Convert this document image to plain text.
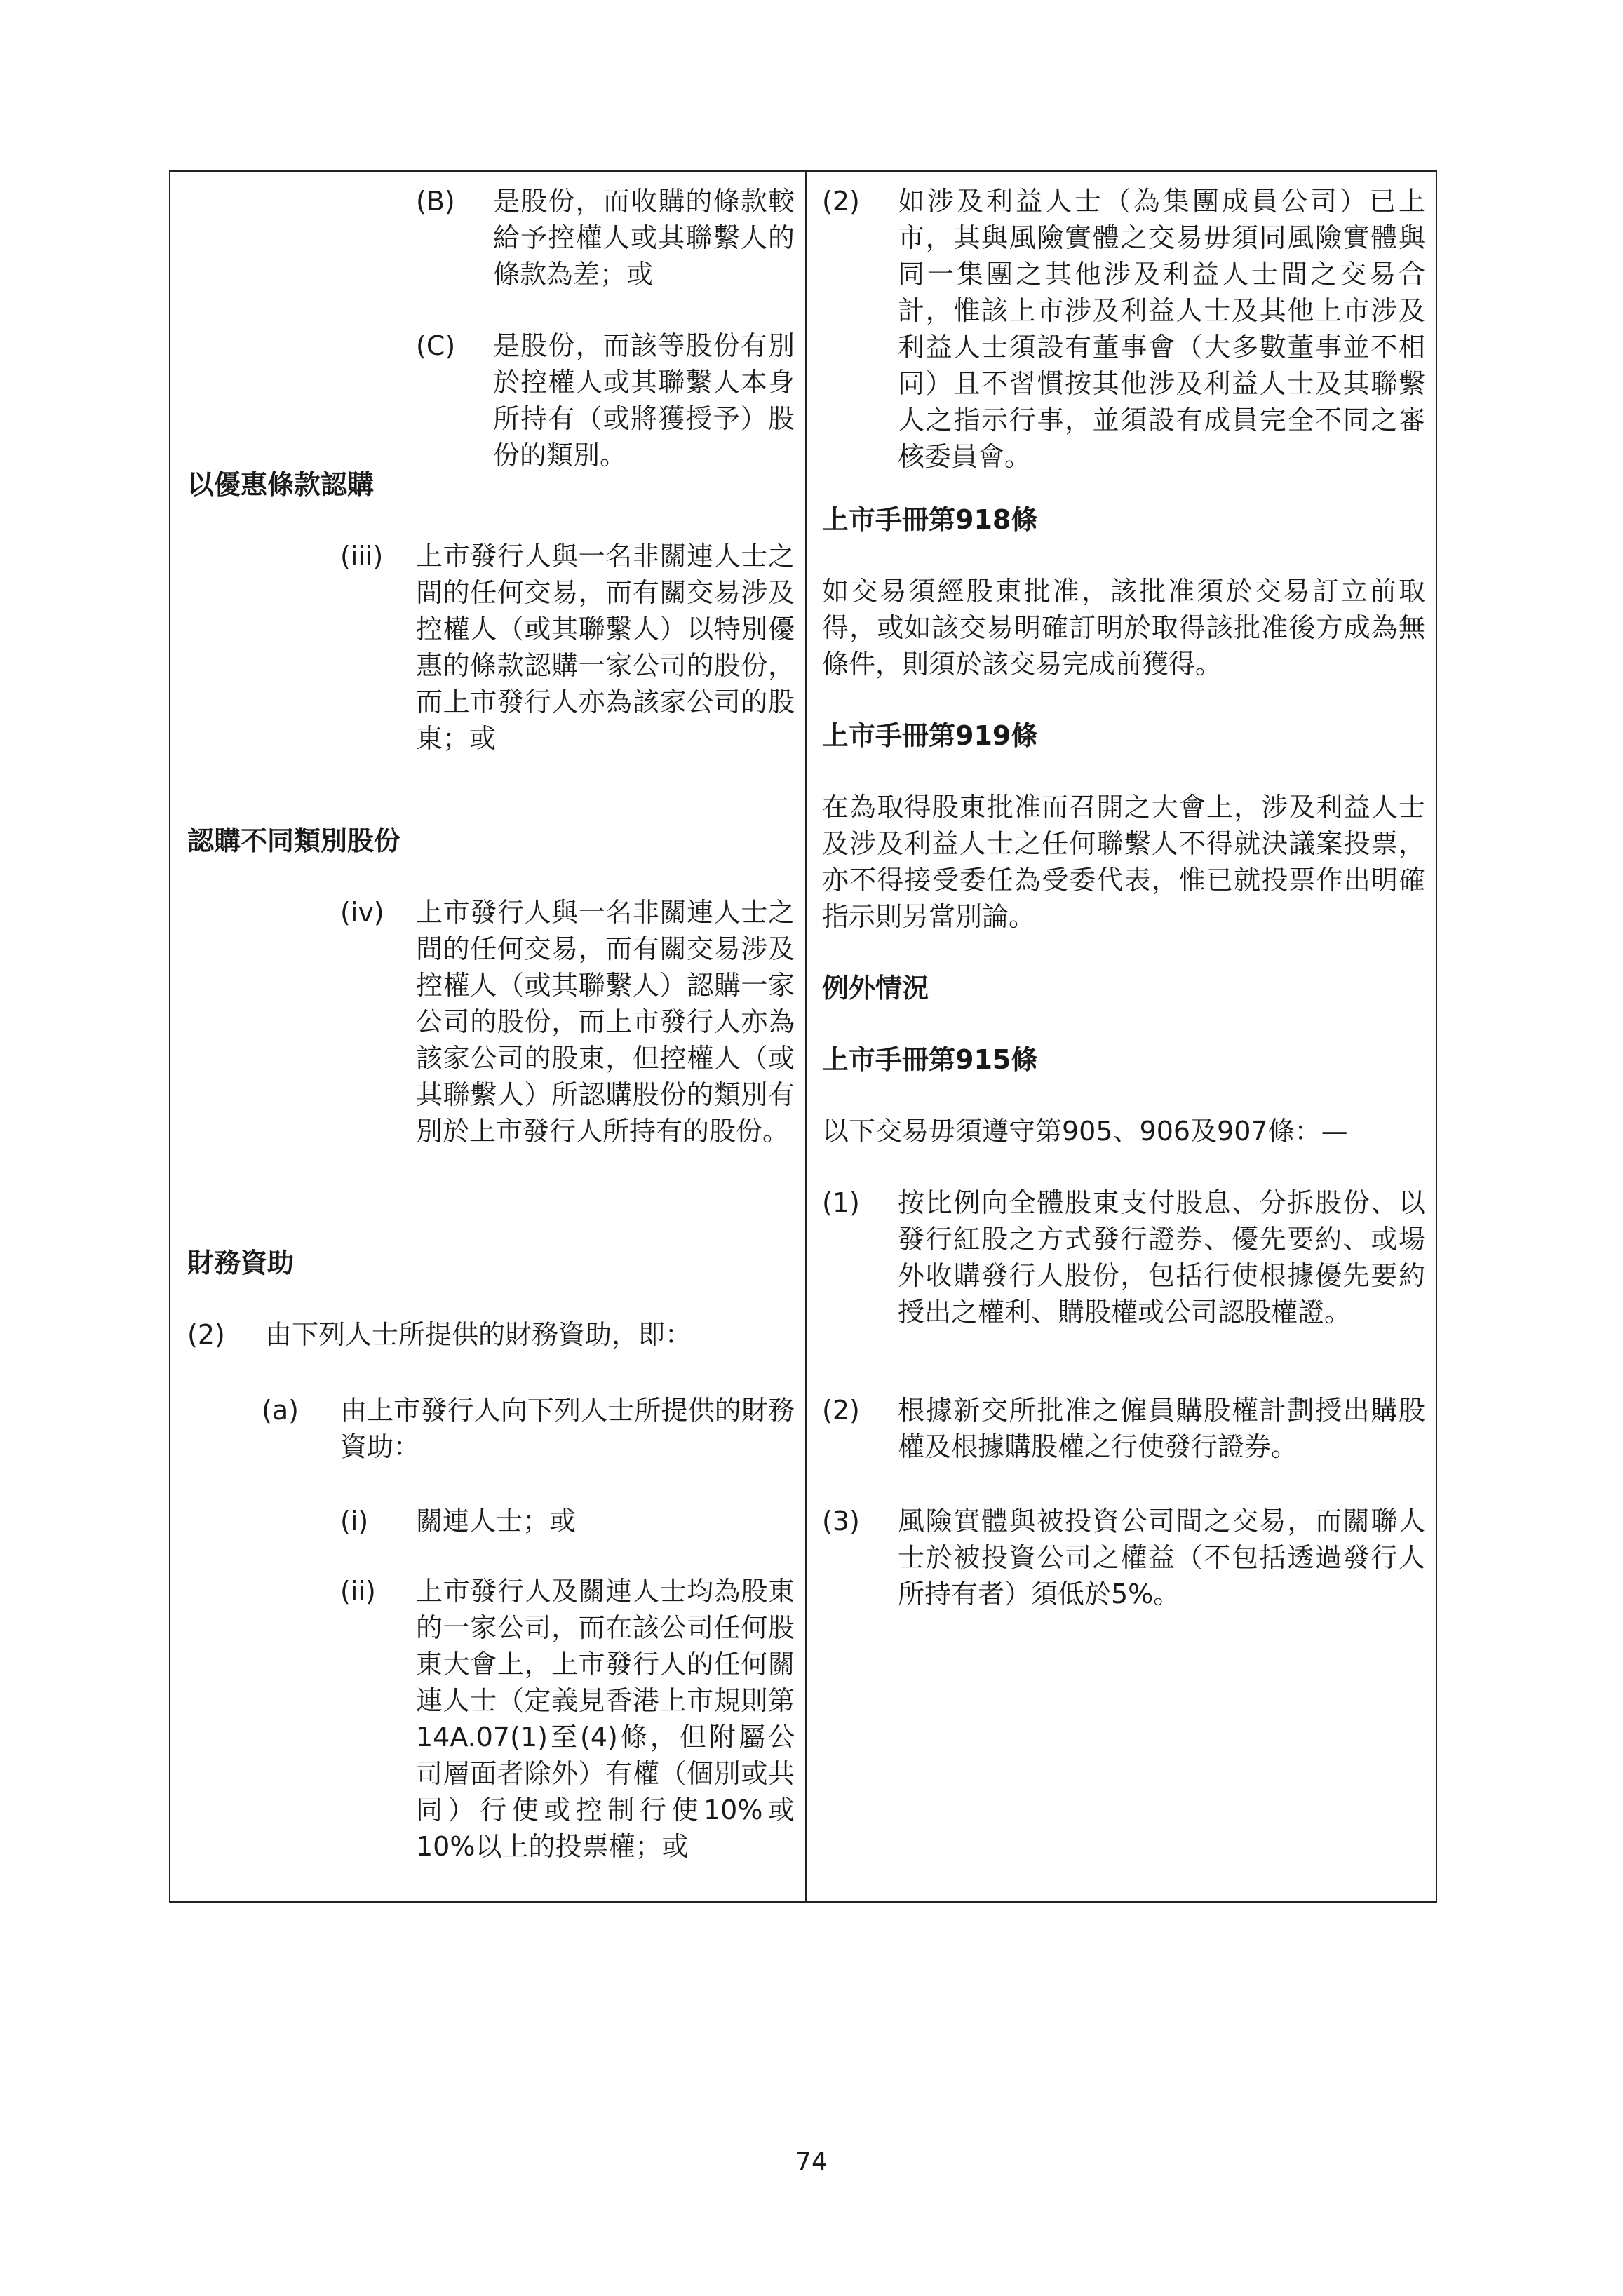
(B) 是股份，而收購的條款較給予控權人或其聯繫人的條款為差；或
(C) 是股份，而該等股份有別於控權人或其聯繫人本身所持有（或將獲授予）股份的類別。
以優惠條款認購
(iii) 上市發行人與一名非關連人士之間的任何交易，而有關交易涉及控權人（或其聯繫人）以特別優惠的條款認購一家公司的股份，而上市發行人亦為該家公司的股東；或
認購不同類別股份
(iv) 上市發行人與一名非關連人士之間的任何交易，而有關交易涉及控權人（或其聯繫人）認購一家公司的股份，而上市發行人亦為該家公司的股東，但控權人（或其聯繫人）所認購股份的類別有別於上市發行人所持有的股份。
財務資助
(2) 由下列人士所提供的財務資助，即：
(a) 由上市發行人向下列人士所提供的財務資助：
(i) 關連人士；或
(ii) 上市發行人及關連人士均為股東的一家公司，而在該公司任何股東大會上，上市發行人的任何關連人士（定義見香港上市規則第14A.07(1)至(4)條，但附屬公司層面者除外）有權（個別或共同）行使或控制行使10%或10%以上的投票權；或
(2) 如涉及利益人士（為集團成員公司）已上市，其與風險實體之交易毋須同風險實體與同一集團之其他涉及利益人士間之交易合計，惟該上市涉及利益人士及其他上市涉及利益人士須設有董事會（大多數董事並不相同）且不習慣按其他涉及利益人士及其聯繫人之指示行事，並須設有成員完全不同之審核委員會。
上市手冊第918條
如交易須經股東批准，該批准須於交易訂立前取得，或如該交易明確訂明於取得該批准後方成為無條件，則須於該交易完成前獲得。
上市手冊第919條
在為取得股東批准而召開之大會上，涉及利益人士及涉及利益人士之任何聯繫人不得就決議案投票，亦不得接受委任為受委代表，惟已就投票作出明確指示則另當別論。
例外情況
上市手冊第915條
以下交易毋須遵守第905、906及907條：—
(1) 按比例向全體股東支付股息、分拆股份、以發行紅股之方式發行證券、優先要約、或場外收購發行人股份，包括行使根據優先要約授出之權利、購股權或公司認股權證。
(2) 根據新交所批准之僱員購股權計劃授出購股權及根據購股權之行使發行證券。
(3) 風險實體與被投資公司間之交易，而關聯人士於被投資公司之權益（不包括透過發行人所持有者）須低於5%。
74
